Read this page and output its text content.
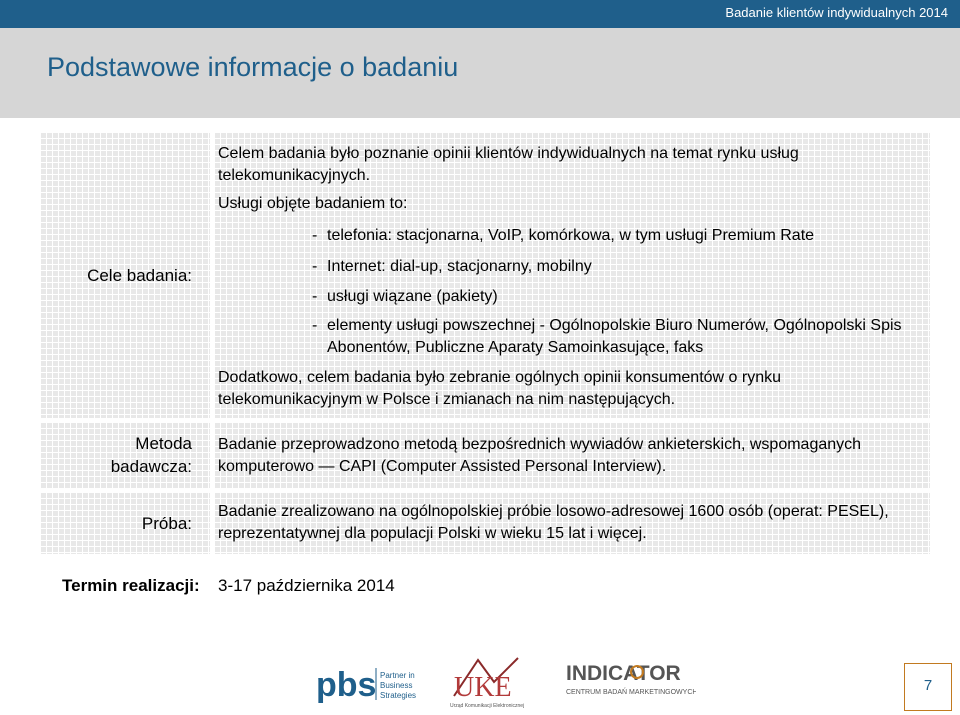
Badanie klientów indywidualnych 2014
Podstawowe informacje o badaniu
Cele badania:
Celem badania było poznanie opinii klientów indywidualnych na temat rynku usług telekomunikacyjnych.
Usługi objęte badaniem to:
- telefonia: stacjonarna, VoIP, komórkowa, w tym usługi Premium Rate
- Internet: dial-up, stacjonarny, mobilny
- usługi wiązane (pakiety)
- elementy usługi powszechnej - Ogólnopolskie Biuro Numerów, Ogólnopolski Spis Abonentów, Publiczne Aparaty Samoinkasujące, faks
Dodatkowo, celem badania było zebranie ogólnych opinii konsumentów o rynku telekomunikacyjnym w Polsce i zmianach na nim następujących.
Metoda
badawcza:
Badanie przeprowadzono metodą bezpośrednich wywiadów ankieterskich, wspomaganych komputerowo — CAPI (Computer Assisted Personal Interview).
Próba:
Badanie zrealizowano na ogólnopolskiej próbie losowo-adresowej 1600 osób (operat: PESEL), reprezentatywnej dla populacji Polski w wieku 15 lat i więcej.
Termin realizacji: 3-17 października 2014
pbs Partner in
Business
Strategies UKE
Urząd Komunikacji Elektronicznej
INDICATOR
CENTRUM BADAŃ MARKETINGOWYCH	7
